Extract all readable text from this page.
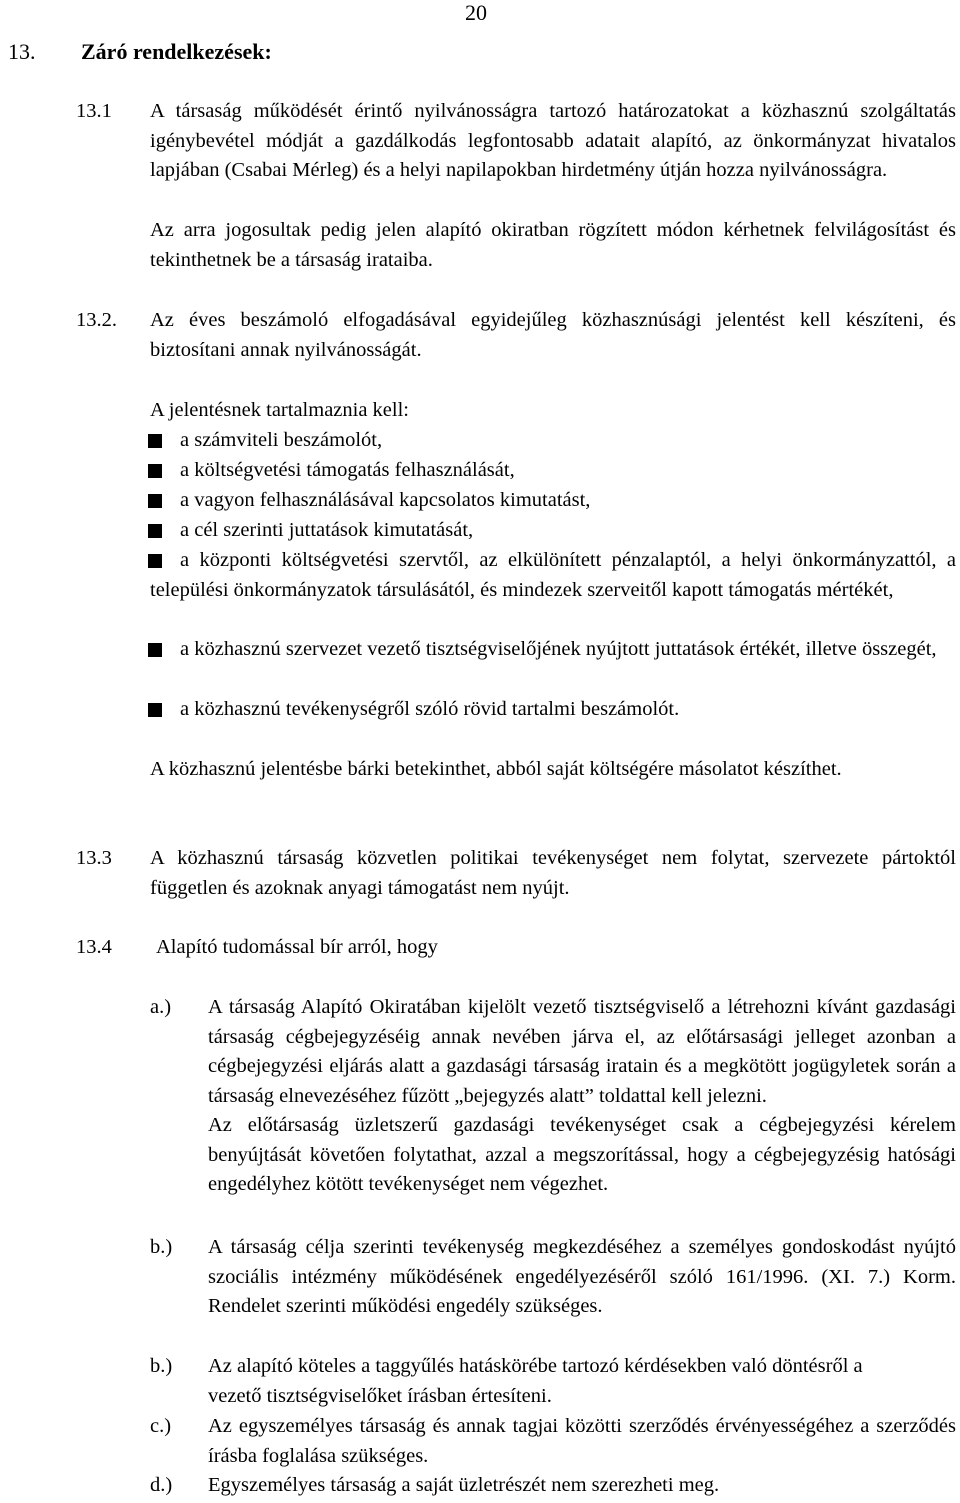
20
13. Záró rendelkezések:
13.1 A társaság működését érintő nyilvánosságra tartozó határozatokat a közhasznú szolgáltatás igénybevétel módját a gazdálkodás legfontosabb adatait alapító, az önkormányzat hivatalos lapjában (Csabai Mérleg) és a helyi napilapokban hirdetmény útján hozza nyilvánosságra.
Az arra jogosultak pedig jelen alapító okiratban rögzített módon kérhetnek felvilágosítást és tekinthetnek be a társaság irataiba.
13.2. Az éves beszámoló elfogadásával egyidejűleg közhasznúsági jelentést kell készíteni, és biztosítani annak nyilvánosságát.
A jelentésnek tartalmaznia kell:
a számviteli beszámolót,
a költségvetési támogatás felhasználását,
a vagyon felhasználásával kapcsolatos kimutatást,
a cél szerinti juttatások kimutatását,
a központi költségvetési szervtől, az elkülönített pénzalaptól, a helyi önkormányzattól, a települési önkormányzatok társulásától, és mindezek szerveitől kapott támogatás mértékét,
a közhasznú szervezet vezető tisztségviselőjének nyújtott juttatások értékét, illetve összegét,
a közhasznú tevékenységről szóló rövid tartalmi beszámolót.
A közhasznú jelentésbe bárki betekinthet, abból saját költségére másolatot készíthet.
13.3 A közhasznú társaság közvetlen politikai tevékenységet nem folytat, szervezete pártoktól független és azoknak anyagi támogatást nem nyújt.
13.4 Alapító tudomással bír arról, hogy
a.) A társaság Alapító Okiratában kijelölt vezető tisztségviselő a létrehozni kívánt gazdasági társaság cégbejegyzéséig annak nevében járva el, az előtársasági jelleget azonban a cégbejegyzési eljárás alatt a gazdasági társaság iratain és a megkötött jogügyletek során a társaság elnevezéséhez fűzött „bejegyzés alatt” toldattal kell jelezni.
Az előtársaság üzletszerű gazdasági tevékenységet csak a cégbejegyzési kérelem benyújtását követően folytathat, azzal a megszorítással, hogy a cégbejegyzésig hatósági engedélyhez kötött tevékenységet nem végezhet.
b.) A társaság célja szerinti tevékenység megkezdéséhez a személyes gondoskodást nyújtó szociális intézmény működésének engedélyezéséről szóló 161/1996. (XI. 7.) Korm. Rendelet szerinti működési engedély szükséges.
b.) Az alapító köteles a taggyűlés hatáskörébe tartozó kérdésekben való döntésről a vezető tisztségviselőket írásban értesíteni.
c.) Az egyszemélyes társaság és annak tagjai közötti szerződés érvényességéhez a szerződés írásba foglalása szükséges.
d.) Egyszemélyes társaság a saját üzletrészét nem szerezheti meg.
